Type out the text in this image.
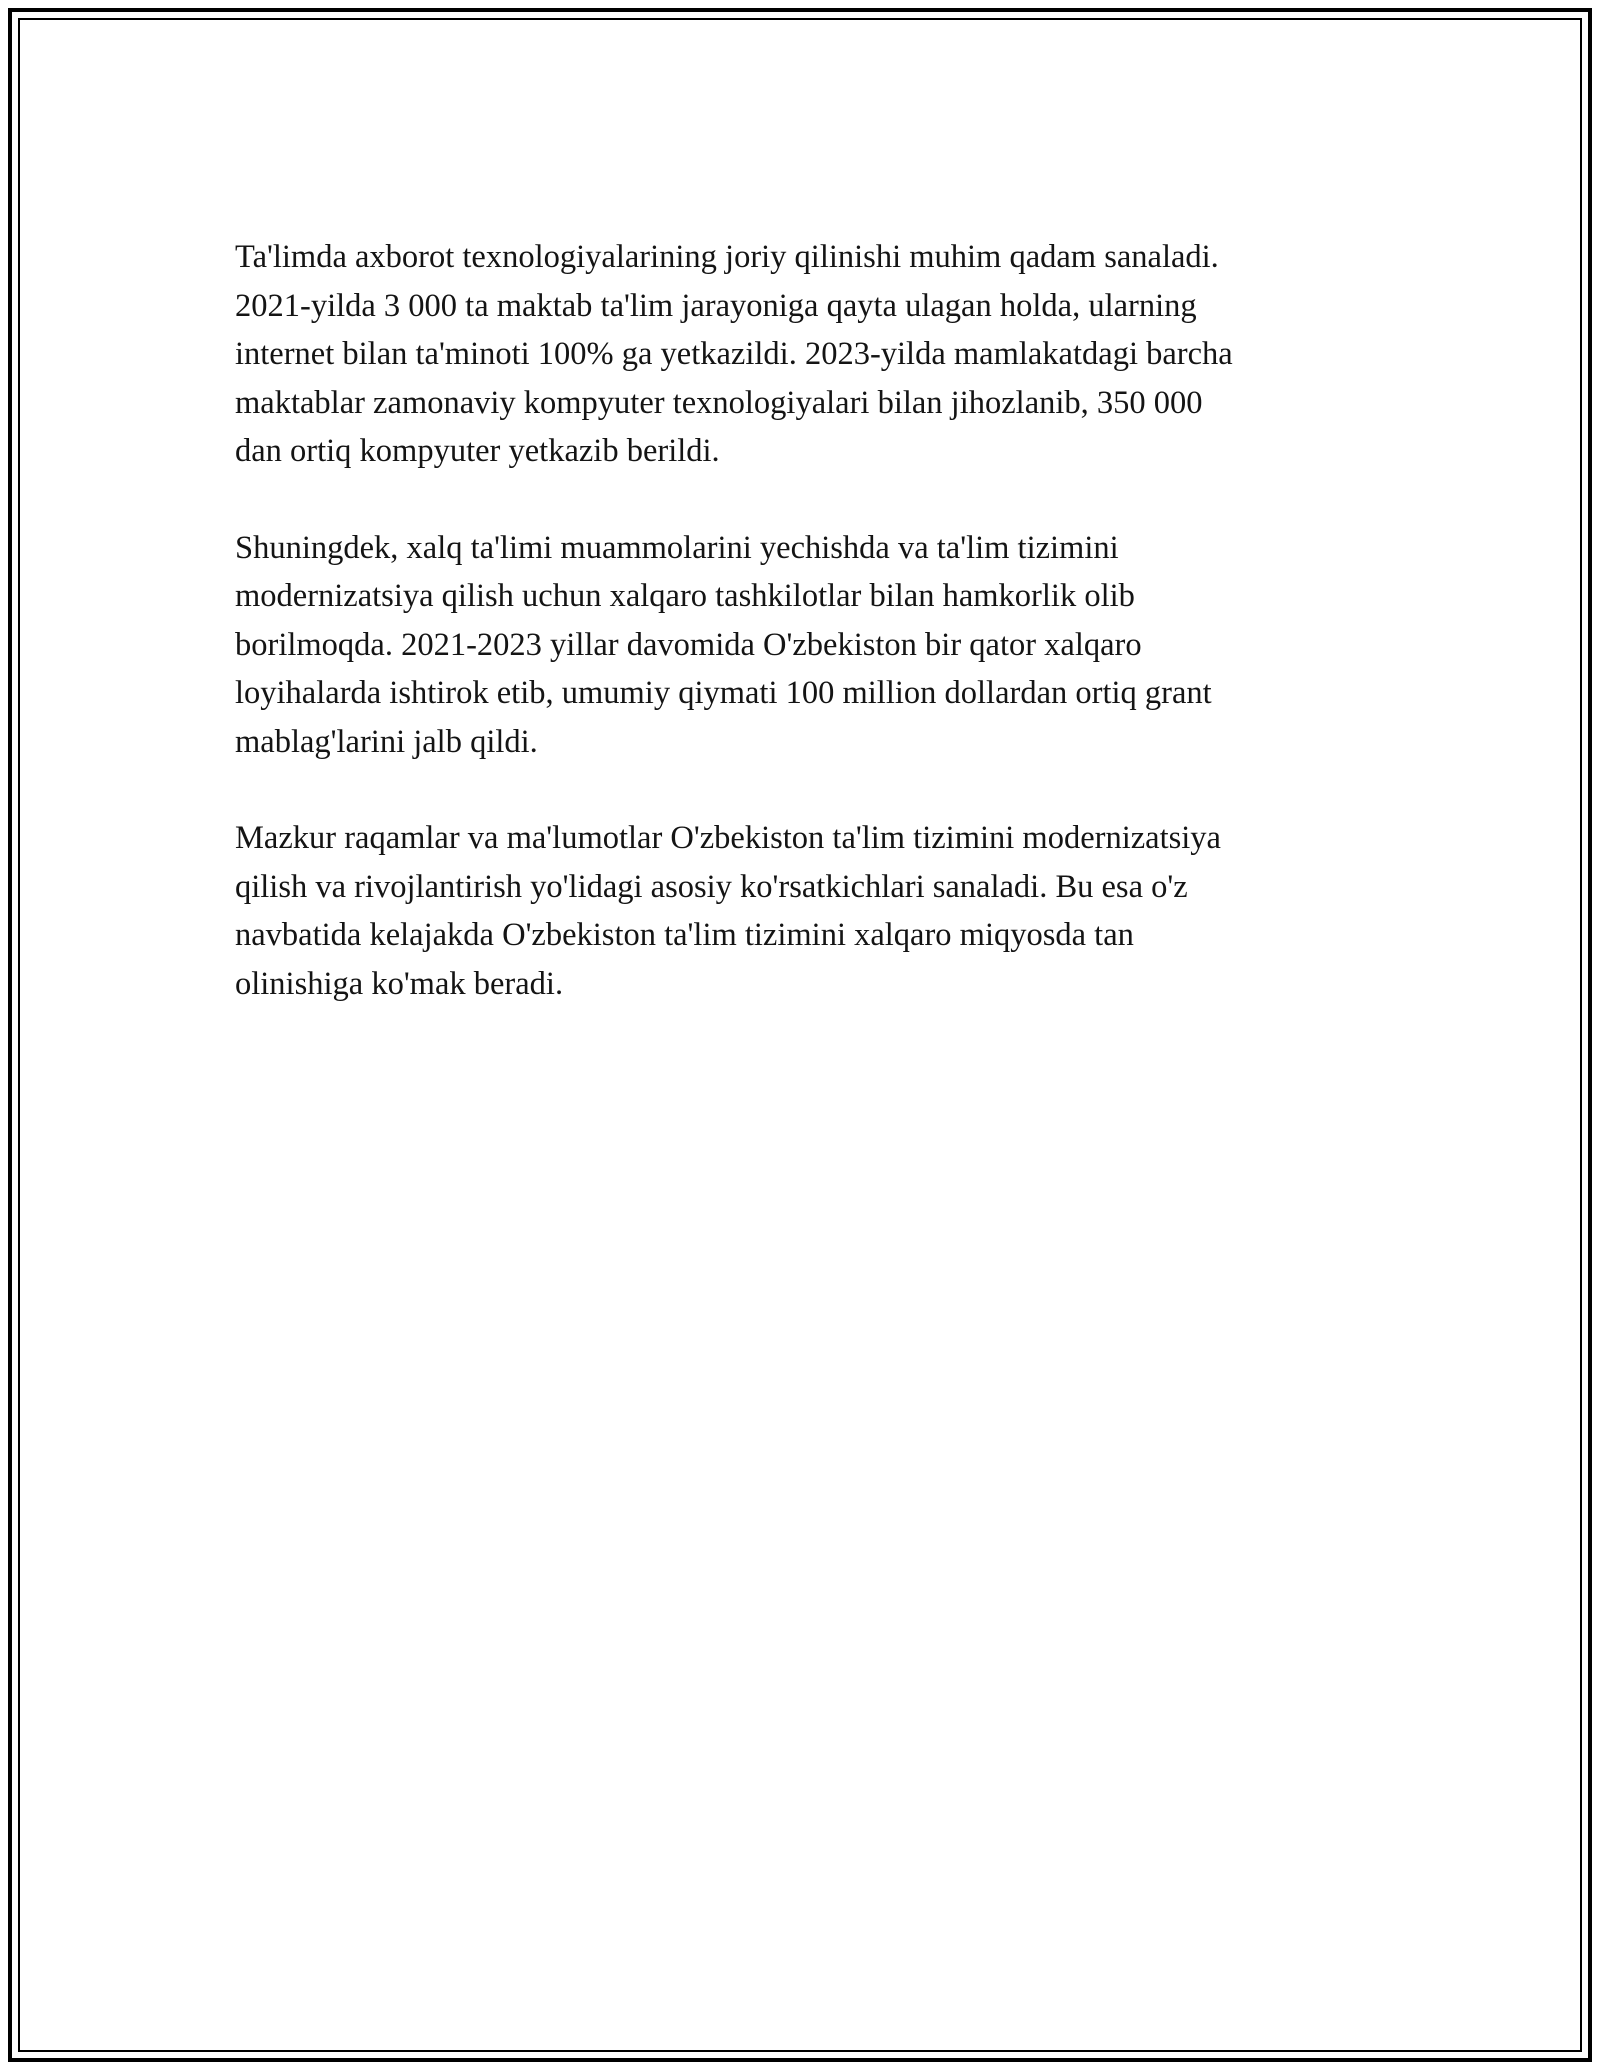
Ta'limda axborot texnologiyalarining joriy qilinishi muhim qadam sanaladi.
2021-yilda 3 000 ta maktab ta'lim jarayoniga qayta ulagan holda, ularning
internet bilan ta'minoti 100% ga yetkazildi. 2023-yilda mamlakatdagi barcha
maktablar zamonaviy kompyuter texnologiyalari bilan jihozlanib, 350 000
dan ortiq kompyuter yetkazib berildi.

Shuningdek, xalq ta'limi muammolarini yechishda va ta'lim tizimini
modernizatsiya qilish uchun xalqaro tashkilotlar bilan hamkorlik olib
borilmoqda. 2021-2023 yillar davomida O'zbekiston bir qator xalqaro
loyihalarda ishtirok etib, umumiy qiymati 100 million dollardan ortiq grant
mablag'larini jalb qildi.

Mazkur raqamlar va ma'lumotlar O'zbekiston ta'lim tizimini modernizatsiya
qilish va rivojlantirish yo'lidagi asosiy ko'rsatkichlari sanaladi. Bu esa o'z
navbatida kelajakda O'zbekiston ta'lim tizimini xalqaro miqyosda tan
olinishiga ko'mak beradi.
